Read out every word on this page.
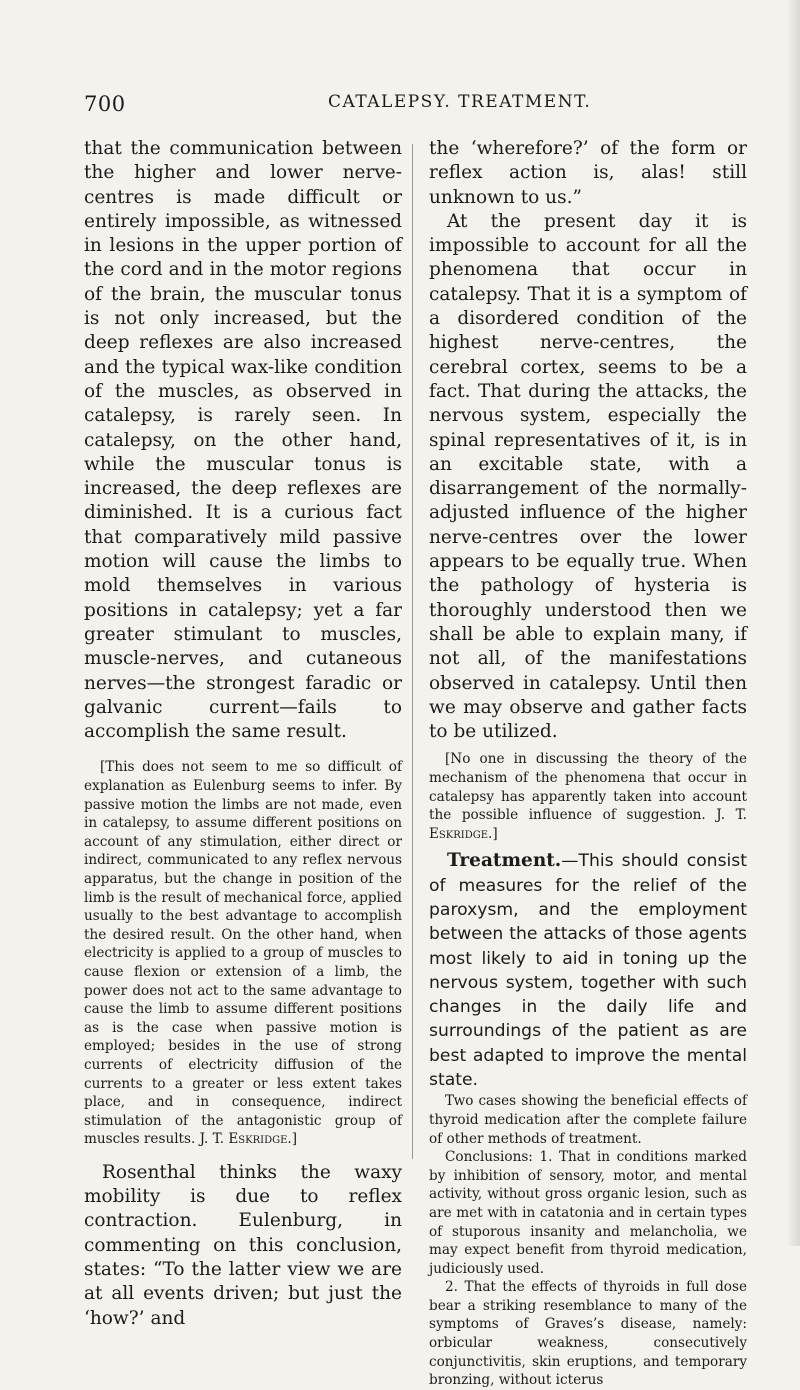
700	CATALEPSY. TREATMENT.

that the communication between the higher and lower nerve-centres is made difficult or entirely impossible, as witnessed in lesions in the upper portion of the cord and in the motor regions of the brain, the muscular tonus is not only increased, but the deep reflexes are also increased and the typical wax-like condition of the muscles, as observed in catalepsy, is rarely seen. In catalepsy, on the other hand, while the muscular tonus is increased, the deep reflexes are diminished. It is a curious fact that comparatively mild passive motion will cause the limbs to mold themselves in various positions in catalepsy; yet a far greater stimulant to muscles, muscle-nerves, and cutaneous nerves—the strongest faradic or galvanic current—fails to accomplish the same result.

[This does not seem to me so difficult of explanation as Eulenburg seems to infer. By passive motion the limbs are not made, even in catalepsy, to assume different positions on account of any stimulation, either direct or indirect, communicated to any reflex nervous apparatus, but the change in position of the limb is the result of mechanical force, applied usually to the best advantage to accomplish the desired result. On the other hand, when electricity is applied to a group of muscles to cause flexion or extension of a limb, the power does not act to the same advantage to cause the limb to assume different positions as is the case when passive motion is employed; besides in the use of strong currents of electricity diffusion of the currents to a greater or less extent takes place, and in consequence, indirect stimulation of the antagonistic group of muscles results. J. T. Eskridge.]

Rosenthal thinks the waxy mobility is due to reflex contraction. Eulenburg, in commenting on this conclusion, states: “To the latter view we are at all events driven; but just the ‘how?’ and

the ‘wherefore?’ of the form or reflex action is, alas! still unknown to us.”

At the present day it is impossible to account for all the phenomena that occur in catalepsy. That it is a symptom of a disordered condition of the highest nerve-centres, the cerebral cortex, seems to be a fact. That during the attacks, the nervous system, especially the spinal representatives of it, is in an excitable state, with a disarrangement of the normally-adjusted influence of the higher nerve-centres over the lower appears to be equally true. When the pathology of hysteria is thoroughly understood then we shall be able to explain many, if not all, of the manifestations observed in catalepsy. Until then we may observe and gather facts to be utilized.

[No one in discussing the theory of the mechanism of the phenomena that occur in catalepsy has apparently taken into account the possible influence of suggestion. J. T. Eskridge.]

Treatment.—This should consist of measures for the relief of the paroxysm, and the employment between the attacks of those agents most likely to aid in toning up the nervous system, together with such changes in the daily life and surroundings of the patient as are best adapted to improve the mental state.

Two cases showing the beneficial effects of thyroid medication after the complete failure of other methods of treatment.

Conclusions: 1. That in conditions marked by inhibition of sensory, motor, and mental activity, without gross organic lesion, such as are met with in catatonia and in certain types of stuporous insanity and melancholia, we may expect benefit from thyroid medication, judiciously used.

2. That the effects of thyroids in full dose bear a striking resemblance to many of the symptoms of Graves’s disease, namely: orbicular weakness, consecutively conjunctivitis, skin eruptions, and temporary bronzing, without icterus
